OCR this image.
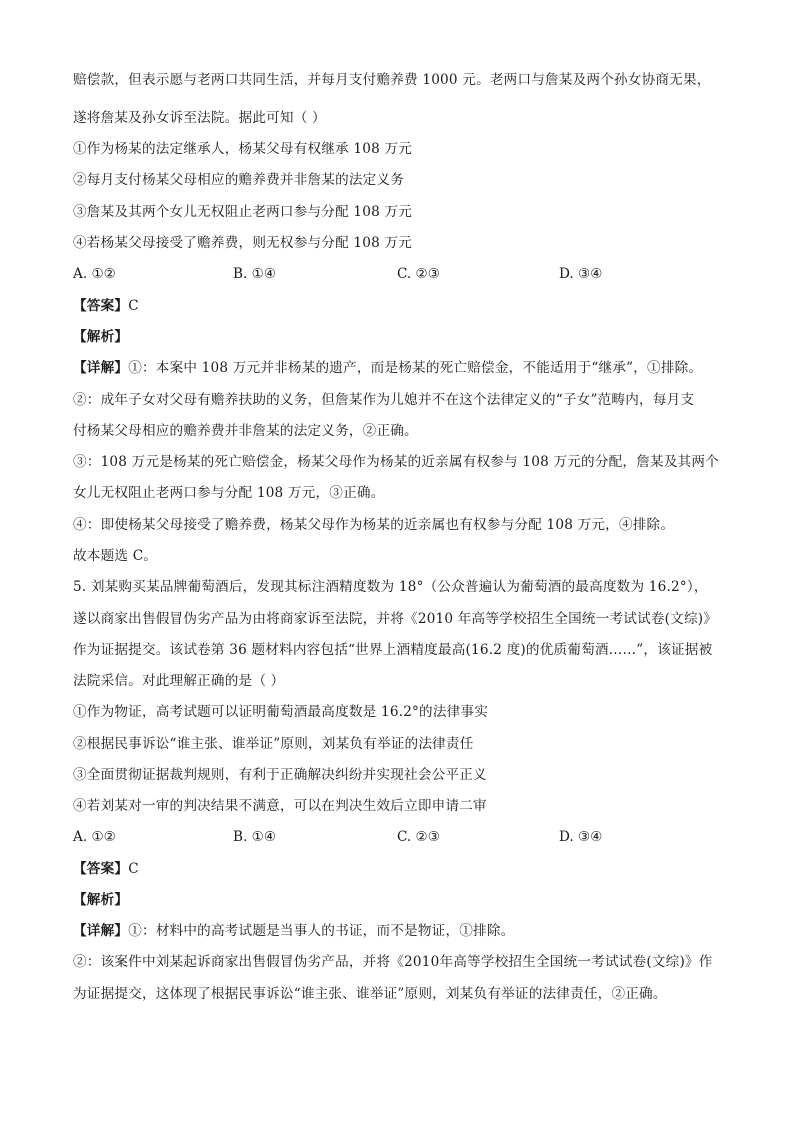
赔偿款，但表示愿与老两口共同生活，并每月支付赡养费 1000 元。老两口与詹某及两个孙女协商无果，
遂将詹某及孙女诉至法院。据此可知（ ）
①作为杨某的法定继承人，杨某父母有权继承 108 万元
②每月支付杨某父母相应的赡养费并非詹某的法定义务
③詹某及其两个女儿无权阻止老两口参与分配 108 万元
④若杨某父母接受了赡养费，则无权参与分配 108 万元
A. ①②	B. ①④	C. ②③	D. ③④
【答案】C
【解析】
【详解】①：本案中 108 万元并非杨某的遗产，而是杨某的死亡赔偿金，不能适用于“继承”，①排除。
②：成年子女对父母有赡养扶助的义务，但詹某作为儿媳并不在这个法律定义的“子女”范畴内，每月支
付杨某父母相应的赡养费并非詹某的法定义务，②正确。
③：108 万元是杨某的死亡赔偿金，杨某父母作为杨某的近亲属有权参与 108 万元的分配，詹某及其两个
女儿无权阻止老两口参与分配 108 万元，③正确。
④：即使杨某父母接受了赡养费，杨某父母作为杨某的近亲属也有权参与分配 108 万元，④排除。
故本题选 C。
5. 刘某购买某品牌葡萄酒后，发现其标注酒精度数为 18°（公众普遍认为葡萄酒的最高度数为 16.2°），
遂以商家出售假冒伪劣产品为由将商家诉至法院，并将《2010 年高等学校招生全国统一考试试卷(文综)》
作为证据提交。该试卷第 36 题材料内容包括“世界上酒精度最高(16.2 度)的优质葡萄酒……”，该证据被
法院采信。对此理解正确的是（ ）
①作为物证，高考试题可以证明葡萄酒最高度数是 16.2°的法律事实
②根据民事诉讼“谁主张、谁举证”原则，刘某负有举证的法律责任
③全面贯彻证据裁判规则，有利于正确解决纠纷并实现社会公平正义
④若刘某对一审的判决结果不满意，可以在判决生效后立即申请二审
A. ①②	B. ①④	C. ②③	D. ③④
【答案】C
【解析】
【详解】①：材料中的高考试题是当事人的书证，而不是物证，①排除。
②：该案件中刘某起诉商家出售假冒伪劣产品，并将《2010年高等学校招生全国统一考试试卷(文综)》作
为证据提交，这体现了根据民事诉讼“谁主张、谁举证”原则，刘某负有举证的法律责任，②正确。
